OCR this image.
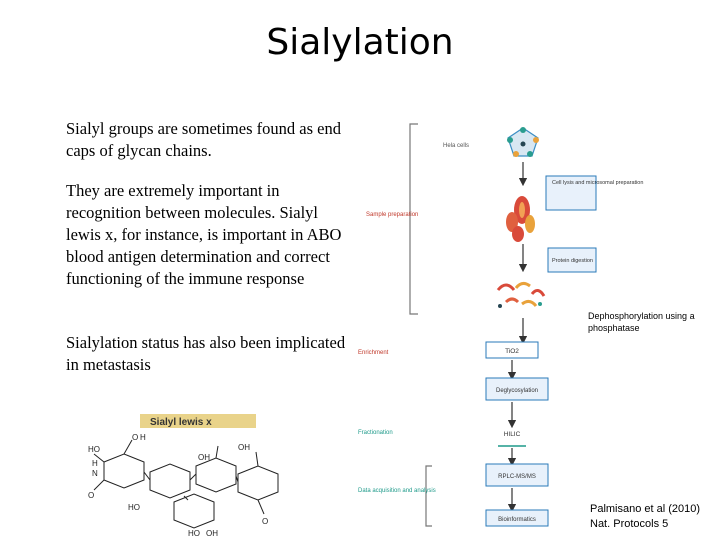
Sialylation
Sialyl groups are sometimes found as end caps of glycan chains.
They are extremely important in recognition between molecules. Sialyl lewis x, for instance, is important in ABO blood antigen determination and correct functioning of the immune response
Sialylation status has also been implicated in metastasis
Sample preparation
Hela cells
Cell lysis and microsomal preparation
Protein digestion
TiO2
Enrichment
Deglycosylation
HILIC
Fractionation
RPLC-MS/MS
Data acquisition and analysis
Bioinformatics
Dephosphorylation using a phosphatase
Palmisano et al (2010)
Nat. Protocols 5
Sialyl lewis x
O H
HO
H
N
O
OH
OH
HO
HO OH
O
